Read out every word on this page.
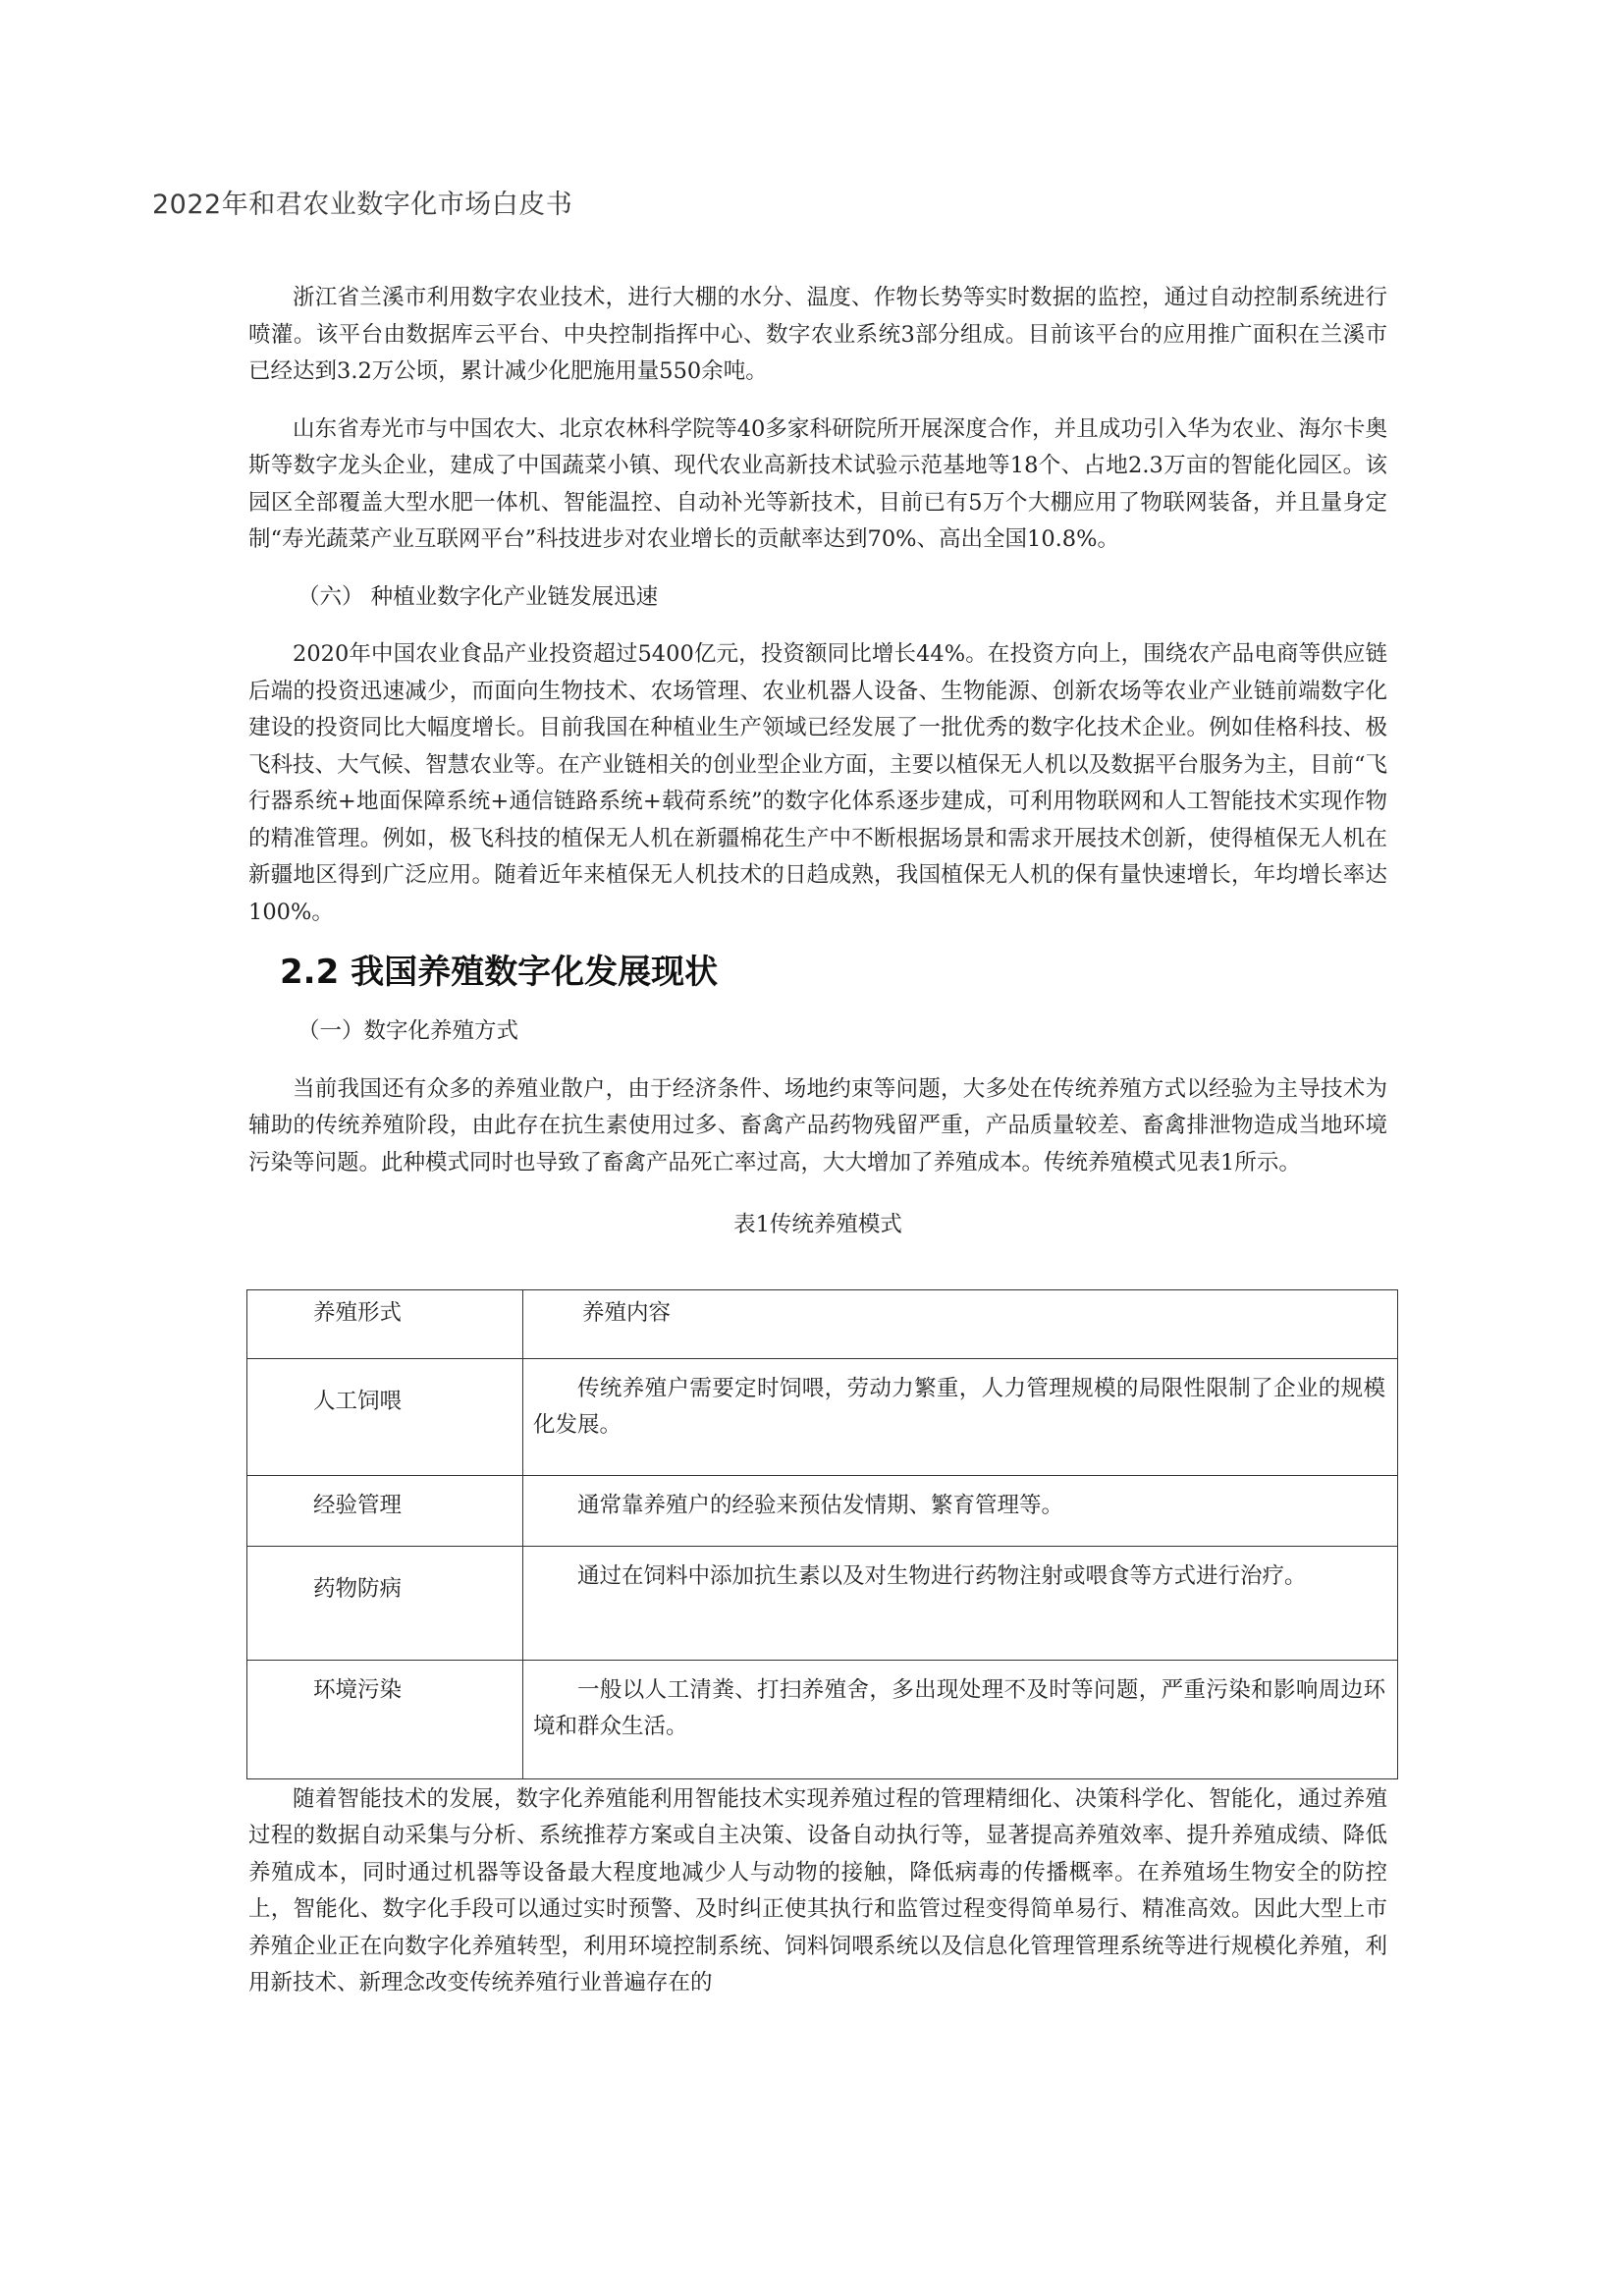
2022年和君农业数字化市场白皮书

浙江省兰溪市利用数字农业技术，进行大棚的水分、温度、作物长势等实时数据的监控，通过自动控制系统进行喷灌。该平台由数据库云平台、中央控制指挥中心、数字农业系统3部分组成。目前该平台的应用推广面积在兰溪市已经达到3.2万公顷，累计减少化肥施用量550余吨。

山东省寿光市与中国农大、北京农林科学院等40多家科研院所开展深度合作，并且成功引入华为农业、海尔卡奥斯等数字龙头企业，建成了中国蔬菜小镇、现代农业高新技术试验示范基地等18个、占地2.3万亩的智能化园区。该园区全部覆盖大型水肥一体机、智能温控、自动补光等新技术，目前已有5万个大棚应用了物联网装备，并且量身定制“寿光蔬菜产业互联网平台”科技进步对农业增长的贡献率达到70%、高出全国10.8%。

（六） 种植业数字化产业链发展迅速

2020年中国农业食品产业投资超过5400亿元，投资额同比增长44%。在投资方向上，围绕农产品电商等供应链后端的投资迅速减少，而面向生物技术、农场管理、农业机器人设备、生物能源、创新农场等农业产业链前端数字化建设的投资同比大幅度增长。目前我国在种植业生产领域已经发展了一批优秀的数字化技术企业。例如佳格科技、极飞科技、大气候、智慧农业等。在产业链相关的创业型企业方面，主要以植保无人机以及数据平台服务为主，目前“飞行器系统+地面保障系统+通信链路系统+载荷系统”的数字化体系逐步建成，可利用物联网和人工智能技术实现作物的精准管理。例如，极飞科技的植保无人机在新疆棉花生产中不断根据场景和需求开展技术创新，使得植保无人机在新疆地区得到广泛应用。随着近年来植保无人机技术的日趋成熟，我国植保无人机的保有量快速增长，年均增长率达100%。

2.2 我国养殖数字化发展现状

（一）数字化养殖方式

当前我国还有众多的养殖业散户，由于经济条件、场地约束等问题，大多处在传统养殖方式以经验为主导技术为辅助的传统养殖阶段，由此存在抗生素使用过多、畜禽产品药物残留严重，产品质量较差、畜禽排泄物造成当地环境污染等问题。此种模式同时也导致了畜禽产品死亡率过高，大大增加了养殖成本。传统养殖模式见表1所示。

表1传统养殖模式
养殖形式	养殖内容
人工饲喂	传统养殖户需要定时饲喂，劳动力繁重，人力管理规模的局限性限制了企业的规模化发展。
经验管理	通常靠养殖户的经验来预估发情期、繁育管理等。
药物防病	通过在饲料中添加抗生素以及对生物进行药物注射或喂食等方式进行治疗。
环境污染	一般以人工清粪、打扫养殖舍，多出现处理不及时等问题，严重污染和影响周边环境和群众生活。

随着智能技术的发展，数字化养殖能利用智能技术实现养殖过程的管理精细化、决策科学化、智能化，通过养殖过程的数据自动采集与分析、系统推荐方案或自主决策、设备自动执行等，显著提高养殖效率、提升养殖成绩、降低养殖成本，同时通过机器等设备最大程度地减少人与动物的接触，降低病毒的传播概率。在养殖场生物安全的防控上，智能化、数字化手段可以通过实时预警、及时纠正使其执行和监管过程变得简单易行、精准高效。因此大型上市养殖企业正在向数字化养殖转型，利用环境控制系统、饲料饲喂系统以及信息化管理管理系统等进行规模化养殖，利用新技术、新理念改变传统养殖行业普遍存在的
